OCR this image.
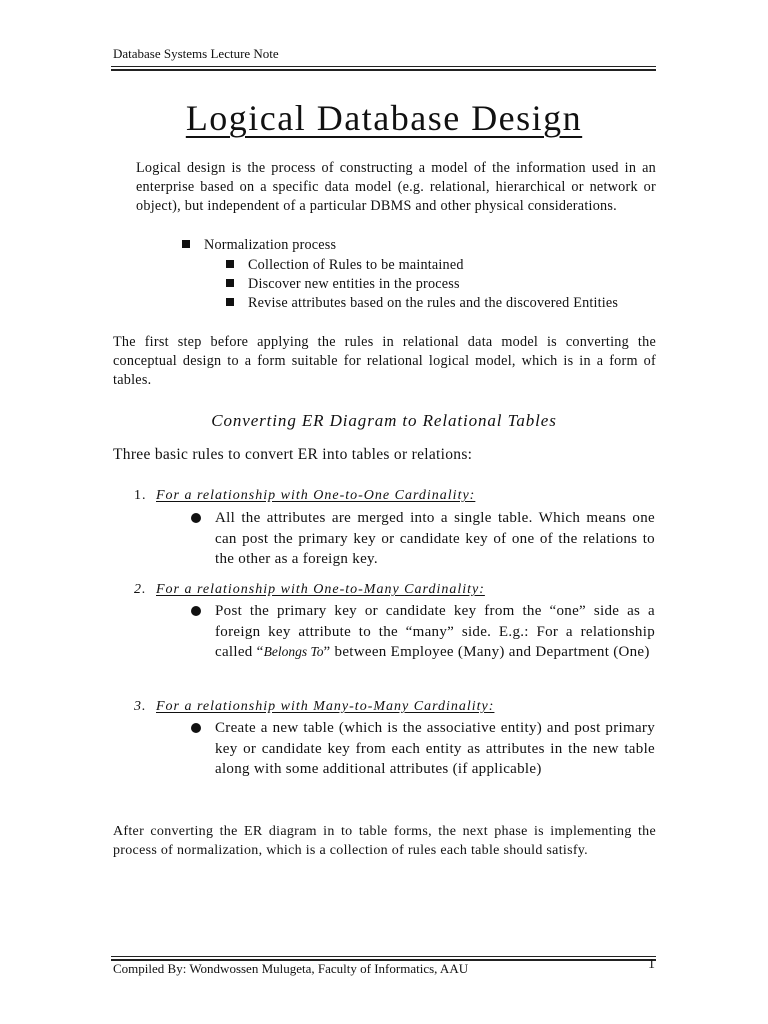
Database Systems Lecture Note
Logical Database Design
Logical design is the process of constructing a model of the information used in an enterprise based on a specific data model (e.g. relational, hierarchical or network or object), but independent of a particular DBMS and other physical considerations.
Normalization process
Collection of Rules to be maintained
Discover new entities in the process
Revise attributes based on the rules and the discovered Entities
The first step before applying the rules in relational data model is converting the conceptual design to a form suitable for relational logical model, which is in a form of tables.
Converting ER Diagram to Relational Tables
Three basic rules to convert ER into tables or relations:
1. For a relationship with One-to-One Cardinality:
All the attributes are merged into a single table. Which means one can post the primary key or candidate key of one of the relations to the other as a foreign key.
2. For a relationship with One-to-Many Cardinality:
Post the primary key or candidate key from the “one” side as a foreign key attribute to the “many” side. E.g.: For a relationship called “Belongs To” between Employee (Many) and Department (One)
3. For a relationship with Many-to-Many Cardinality:
Create a new table (which is the associative entity) and post primary key or candidate key from each entity as attributes in the new table along with some additional attributes (if applicable)
After converting the ER diagram in to table forms, the next phase is implementing the process of normalization, which is a collection of rules each table should satisfy.
Compiled By: Wondwossen Mulugeta, Faculty of Informatics, AAU	1
